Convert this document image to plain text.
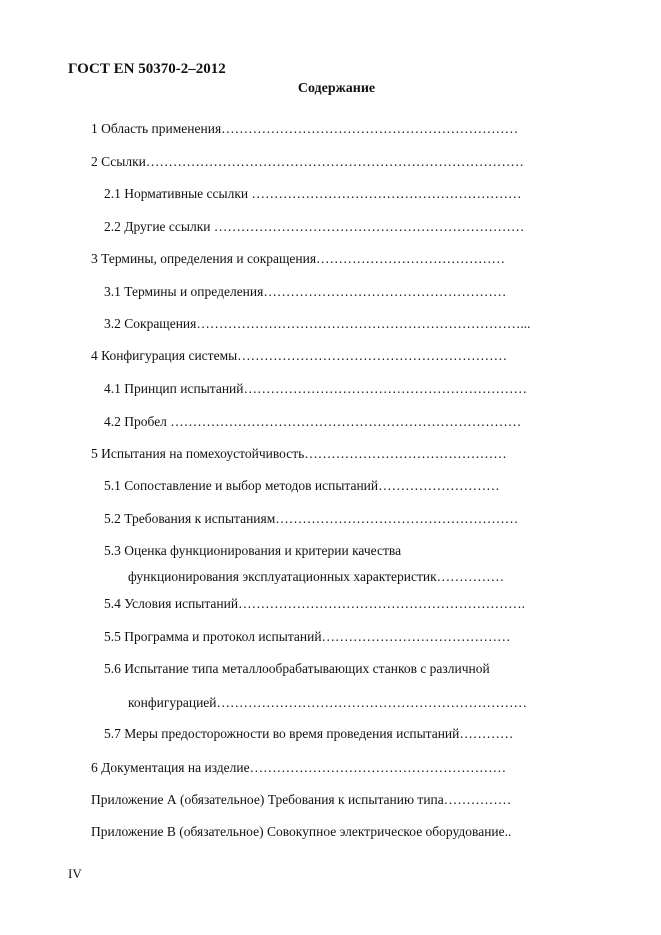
ГОСТ EN 50370-2–2012
Содержание
1 Область применения…………………………………………………………
2 Ссылки…………………………………………………………………………
2.1 Нормативные ссылки ……………………………………………………
2.2 Другие ссылки ……………………………………………………………
3 Термины, определения и сокращения……………………………………
3.1 Термины и определения………………………………………………
3.2 Сокращения………………………………………………………………...
4 Конфигурация системы……………………………………………………
4.1 Принцип испытаний………………………………………………………
4.2 Пробел ……………………………………………………………………
5 Испытания на помехоустойчивость………………………………………
5.1 Сопоставление и выбор методов испытаний………………………
5.2 Требования к испытаниям………………………………………………
5.3 Оценка функционирования и критерии качества
функционирования эксплуатационных характеристик……………
5.4 Условия испытаний……………………………………………………….
5.5 Программа и протокол испытаний……………………………………
5.6 Испытание типа металлообрабатывающих станков с различной
конфигурацией……………………………………………………………
5.7 Меры предосторожности во время проведения испытаний…………
6 Документация на изделие…………………………………………………
Приложение А (обязательное) Требования к испытанию типа……………
Приложение В (обязательное) Совокупное электрическое оборудование..
IV
